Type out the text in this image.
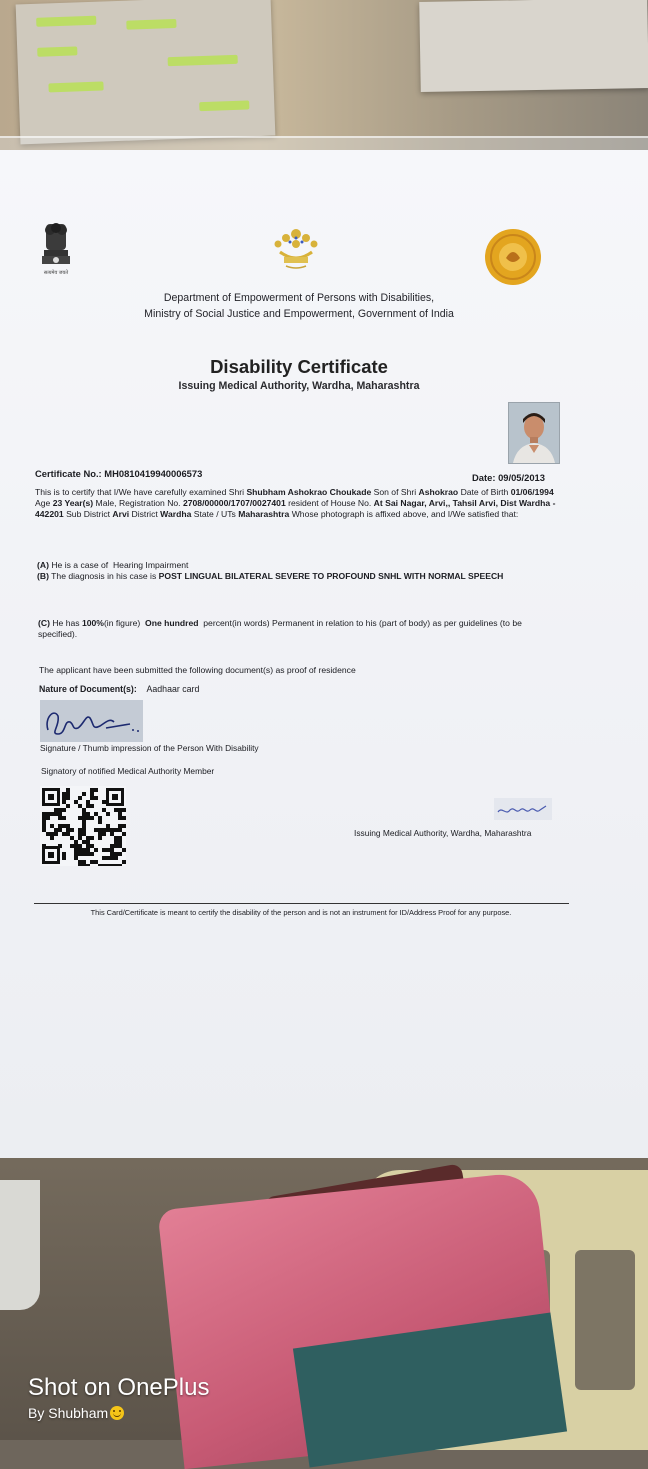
सत्यमेव जयते
Department of Empowerment of Persons with Disabilities,
Ministry of Social Justice and Empowerment, Government of India
Disability Certificate
Issuing Medical Authority, Wardha, Maharashtra
Certificate No.: MH0810419940006573	Date: 09/05/2013
This is to certify that I/We have carefully examined Shri Shubham Ashokrao Choukade Son of Shri Ashokrao Date of Birth 01/06/1994 Age 23 Year(s) Male, Registration No. 2708/00000/1707/0027401 resident of House No. At Sai Nagar, Arvi,, Tahsil Arvi, Dist Wardha - 442201 Sub District Arvi District Wardha State / UTs Maharashtra Whose photograph is affixed above, and I/We satisfied that:
(A) He is a case of Hearing Impairment
(B) The diagnosis in his case is POST LINGUAL BILATERAL SEVERE TO PROFOUND SNHL WITH NORMAL SPEECH
(C) He has 100%(in figure) One hundred percent(in words) Permanent in relation to his (part of body) as per guidelines (to be specified).
The applicant have been submitted the following document(s) as proof of residence
Nature of Document(s): Aadhaar card
Signature / Thumb impression of the Person With Disability
Signatory of notified Medical Authority Member
Issuing Medical Authority, Wardha, Maharashtra
This Card/Certificate is meant to certify the disability of the person and is not an instrument for ID/Address Proof for any purpose.
Shot on OnePlus
By Shubham
